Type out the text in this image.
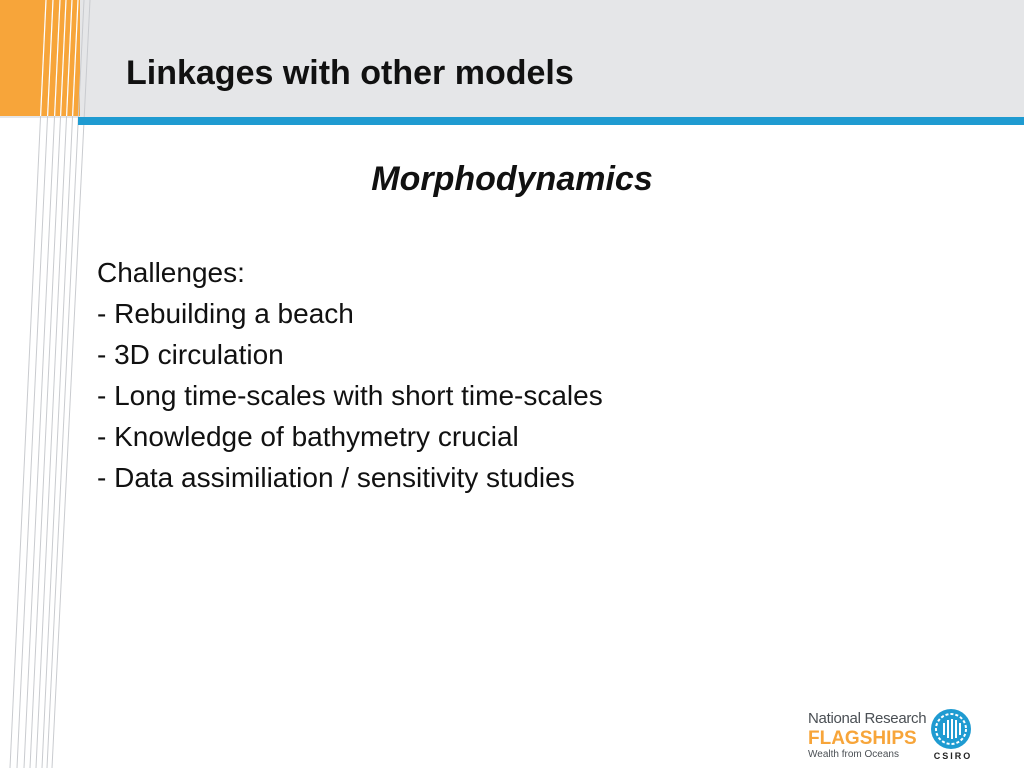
Linkages with other models
Morphodynamics
Challenges:
- Rebuilding a beach
- 3D circulation
- Long time-scales with short time-scales
- Knowledge of bathymetry crucial
- Data assimiliation / sensitivity studies
National Research
FLAGSHIPS
Wealth from Oceans	CSIRO
